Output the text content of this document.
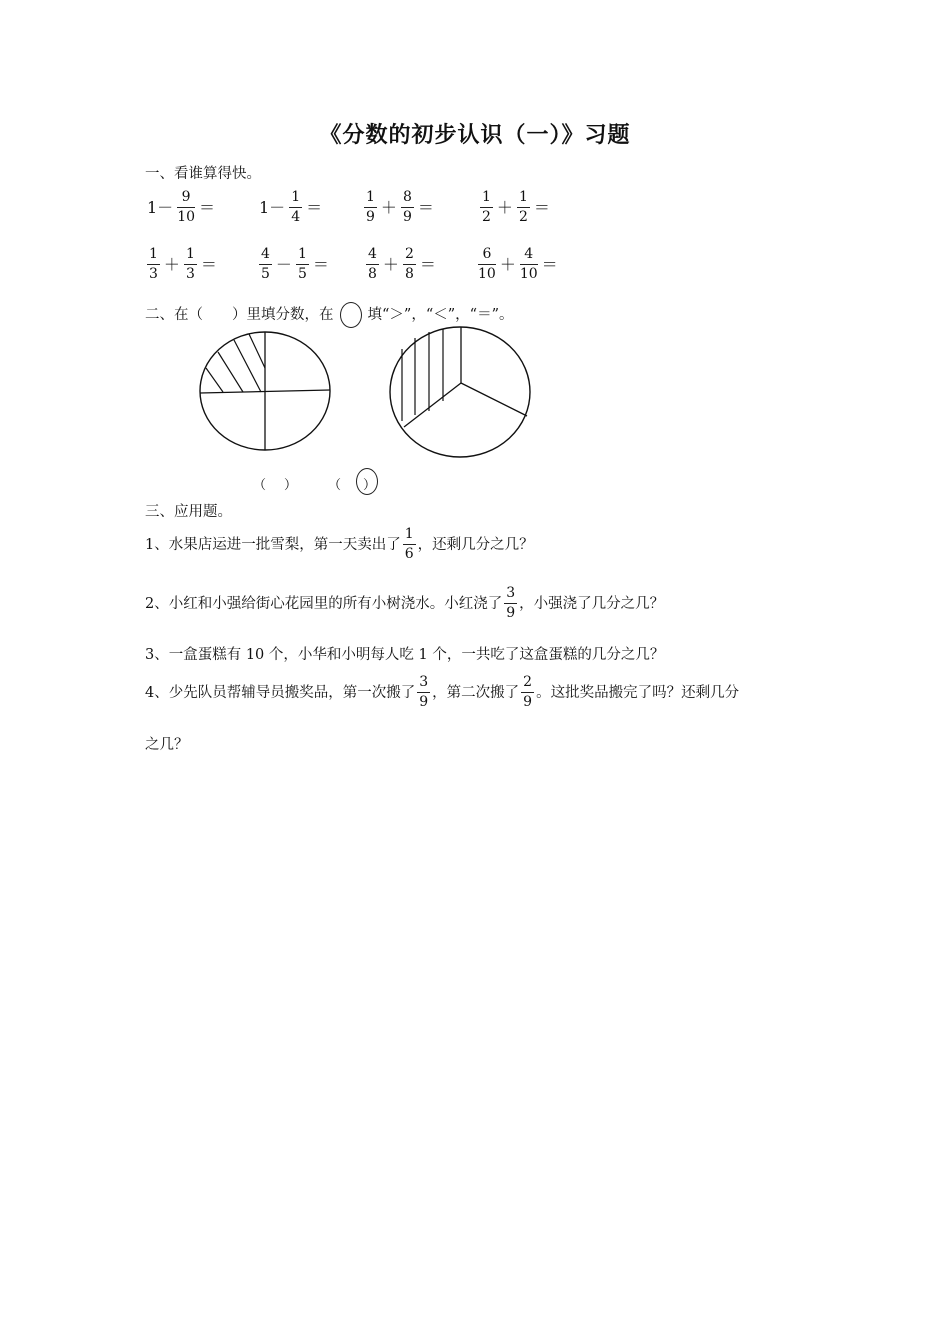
《分数的初步认识（一）》习题
一、看谁算得快。
$1- \frac{9}{10}$ ＝	$1- \frac{1}{4}$ ＝	$\frac{1}{9} + \frac{8}{9}$ ＝	$\frac{1}{2} + \frac{1}{2}$ ＝
$\frac{1}{3} + \frac{1}{3}$ ＝	$\frac{4}{5} - \frac{1}{5}$ ＝	$\frac{4}{8} + \frac{2}{8}$ ＝	$\frac{6}{10} + \frac{4}{10}$ ＝
二、在（　　）里填分数，在 填“＞”，“＜”，“＝”。
（ ） （ ）
三、应用题。
1、水果店运进一批雪梨，第一天卖出了 $\frac{1}{6}$ ，还剩几分之几？
2、小红和小强给街心花园里的所有小树浇水。小红浇了 $\frac{3}{9}$ ，小强浇了几分之几？
3、一盒蛋糕有 10 个，小华和小明每人吃 1 个，一共吃了这盒蛋糕的几分之几？
4、少先队员帮辅导员搬奖品，第一次搬了 $\frac{3}{9}$ ，第二次搬了 $\frac{2}{9}$ 。这批奖品搬完了吗？还剩几分
之几？
